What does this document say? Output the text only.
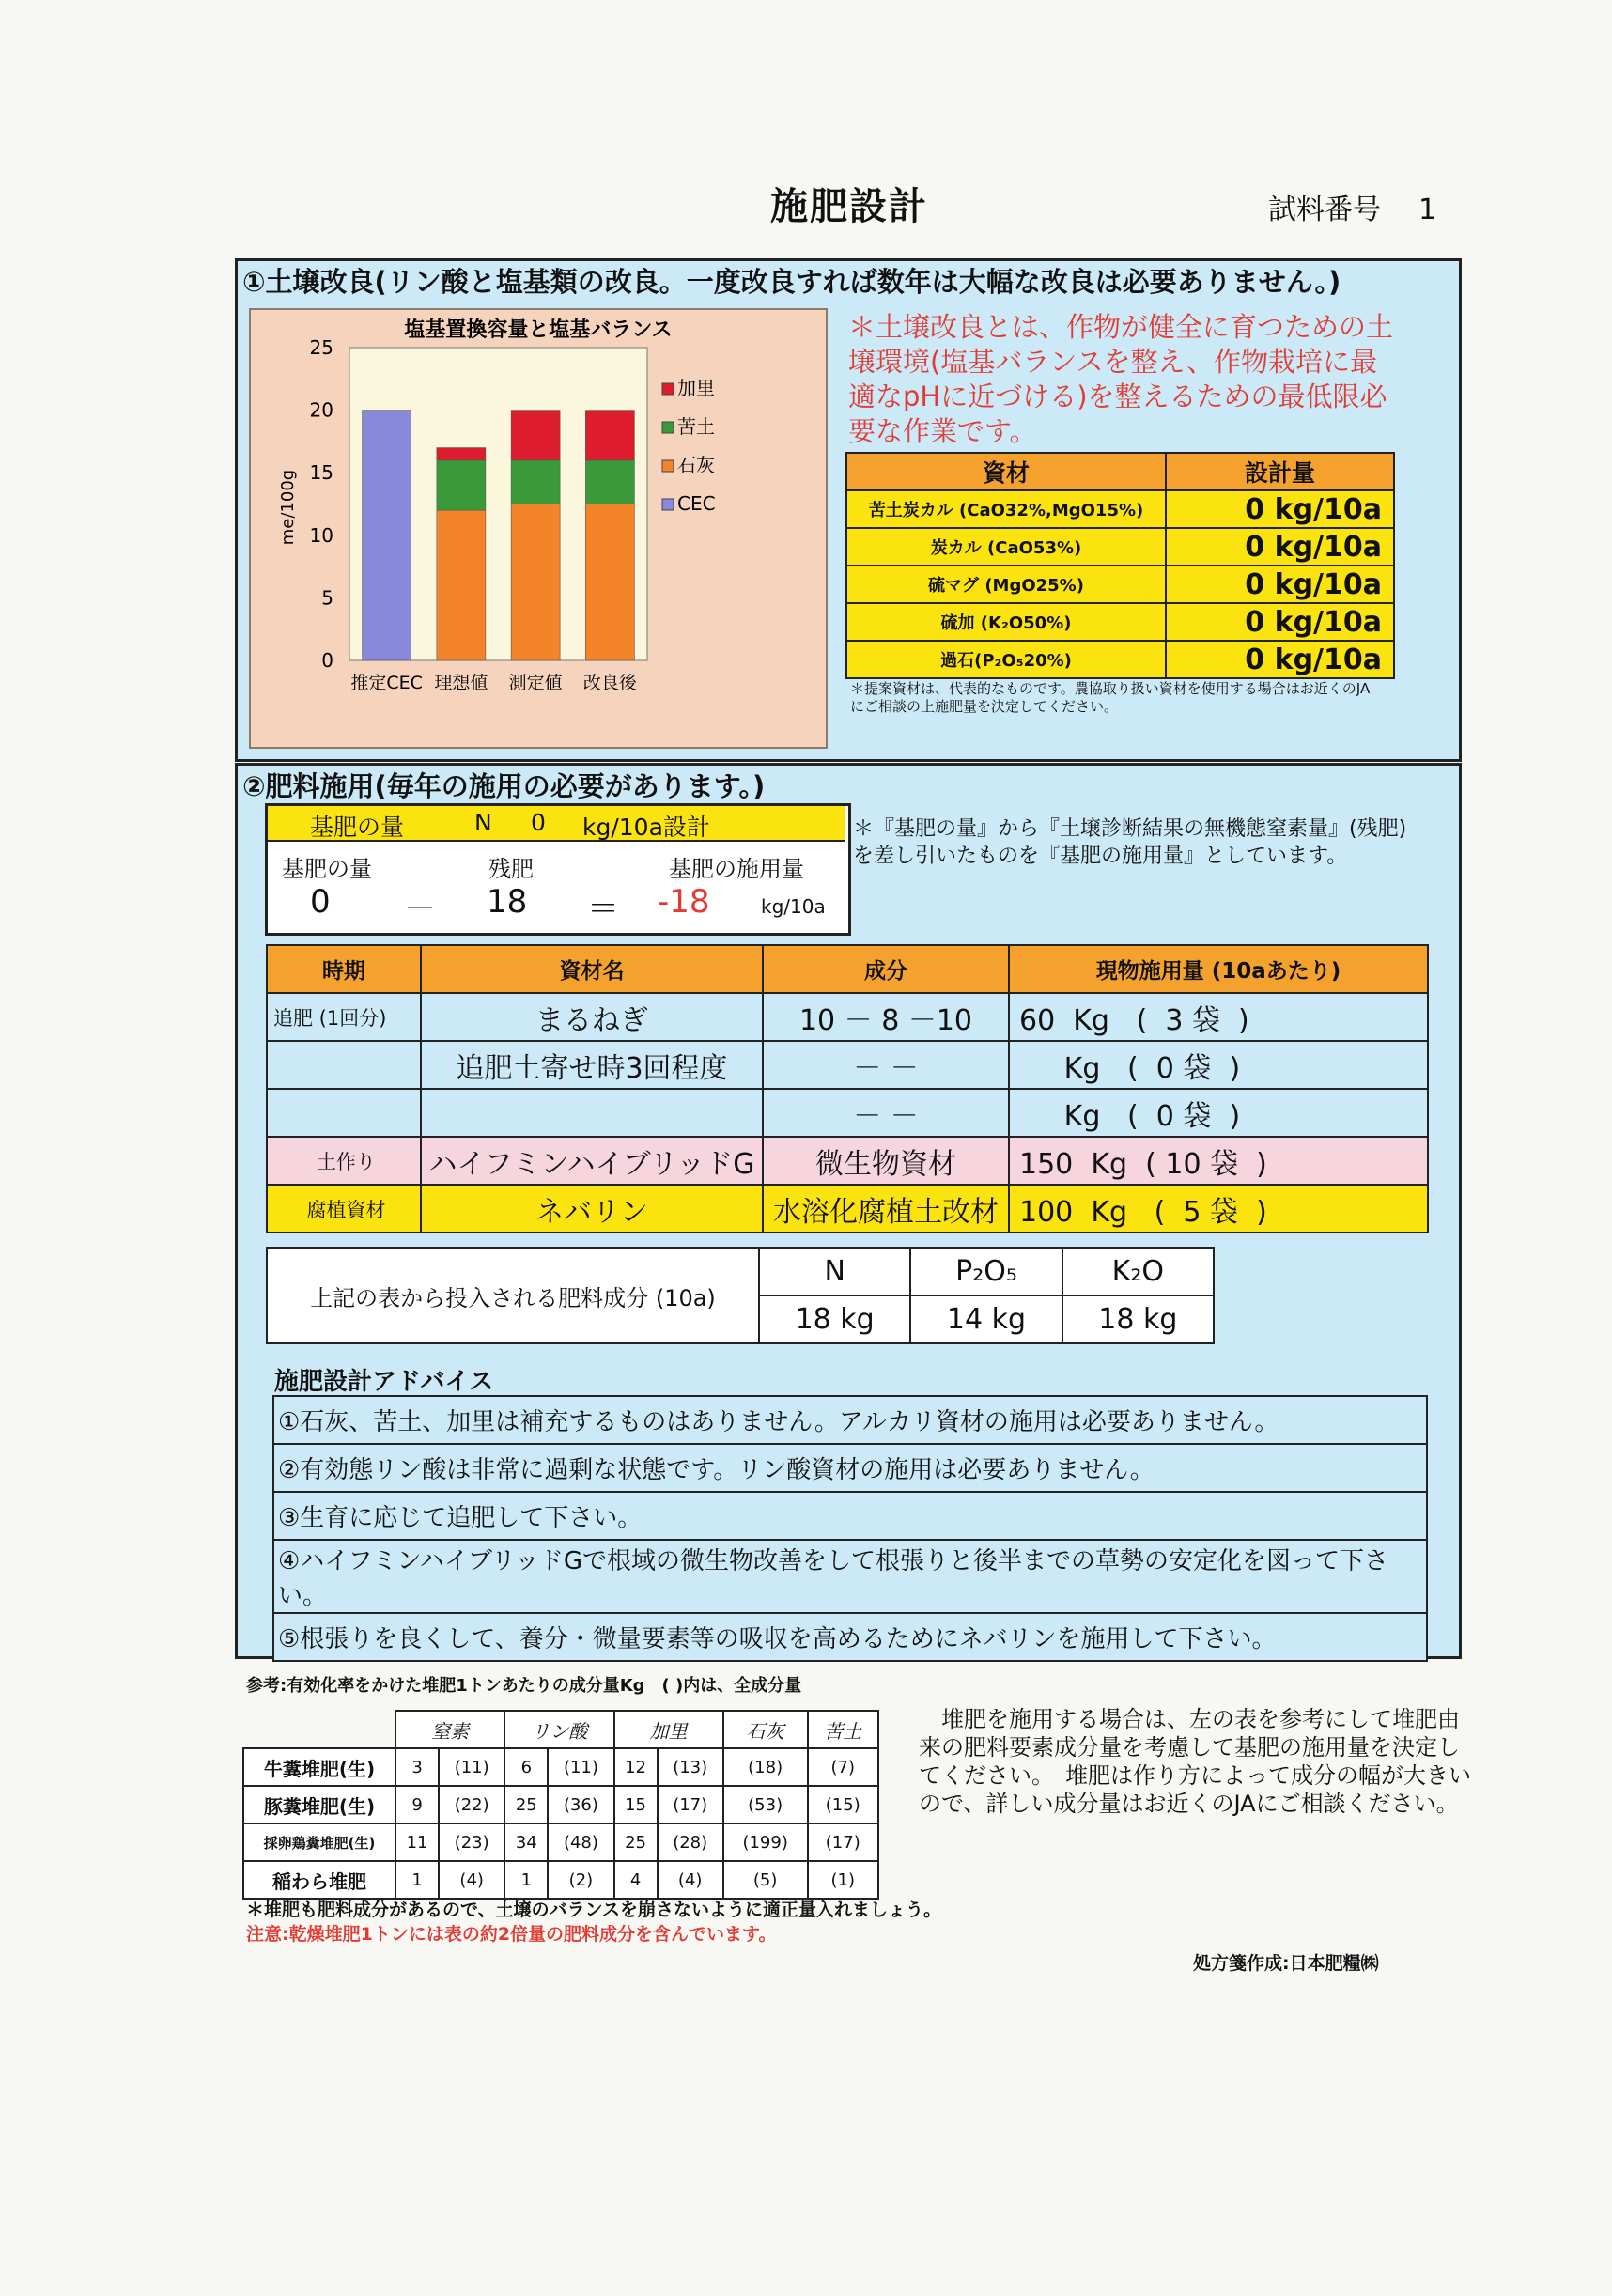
施肥設計	試料番号 1
①土壌改良(リン酸と塩基類の改良。一度改良すれば数年は大幅な改良は必要ありません。)
塩基置換容量と塩基バランス
0
5
10
15
20
25
me/100g
推定CEC 理想値 測定値 改良後
加里
苦土
石灰
CEC
＊土壌改良とは、作物が健全に育つための土壌環境(塩基バランスを整え、作物栽培に最適なpHに近づける)を整えるための最低限必要な作業です。
資材	設計量
苦土炭カル (CaO32%,MgO15%)	0 kg/10a
炭カル (CaO53%)	0 kg/10a
硫マグ (MgO25%)	0 kg/10a
硫加 (K₂O50%)	0 kg/10a
過石(P₂O₅20%)	0 kg/10a
＊提案資材は、代表的なものです。農協取り扱い資材を使用する場合はお近くのJAにご相談の上施肥量を決定してください。
②肥料施用(毎年の施用の必要があります。)
基肥の量	N 0 kg/10a設計
基肥の量	残肥	基肥の施用量
0 － 18 ＝ -18	kg/10a
＊『基肥の量』から『土壌診断結果の無機態窒素量』(残肥) を差し引いたものを『基肥の施用量』としています。
時期	資材名	成分	現物施用量 (10aあたり)
追肥 (1回分)	まるねぎ	10 － 8 －10	60  Kg   (  3 袋  )
	追肥土寄せ時3回程度	－ －	Kg   (  0 袋  )
		－ －	Kg   (  0 袋  )
土作り	ハイフミンハイブリッドG	微生物資材	150  Kg  ( 10 袋  )
腐植資材	ネバリン	水溶化腐植土改材	100  Kg   (  5 袋  )
上記の表から投入される肥料成分 (10a)	N	P₂O₅	K₂O
	18 kg	14 kg	18 kg
施肥設計アドバイス
①石灰、苦土、加里は補充するものはありません。アルカリ資材の施用は必要ありません。
②有効態リン酸は非常に過剰な状態です。リン酸資材の施用は必要ありません。
③生育に応じて追肥して下さい。
④ハイフミンハイブリッドGで根域の微生物改善をして根張りと後半までの草勢の安定化を図って下さい。
⑤根張りを良くして、養分・微量要素等の吸収を高めるためにネバリンを施用して下さい。
参考:有効化率をかけた堆肥1トンあたりの成分量Kg　( )内は、全成分量
	窒素		リン酸		加里		石灰	苦土
牛糞堆肥(生)	3	(11)	6	(11)	12	(13)	(18)	(7)
豚糞堆肥(生)	9	(22)	25	(36)	15	(17)	(53)	(15)
採卵鶏糞堆肥(生)	11	(23)	34	(48)	25	(28)	(199)	(17)
稲わら堆肥	1	(4)	1	(2)	4	(4)	(5)	(1)
　堆肥を施用する場合は、左の表を参考にして堆肥由来の肥料要素成分量を考慮して基肥の施用量を決定してください。　堆肥は作り方によって成分の幅が大きいので、詳しい成分量はお近くのJAにご相談ください。
＊堆肥も肥料成分があるので、土壌のバランスを崩さないように適正量入れましょう。
注意:乾燥堆肥1トンには表の約2倍量の肥料成分を含んでいます。
処方箋作成:日本肥糧㈱
